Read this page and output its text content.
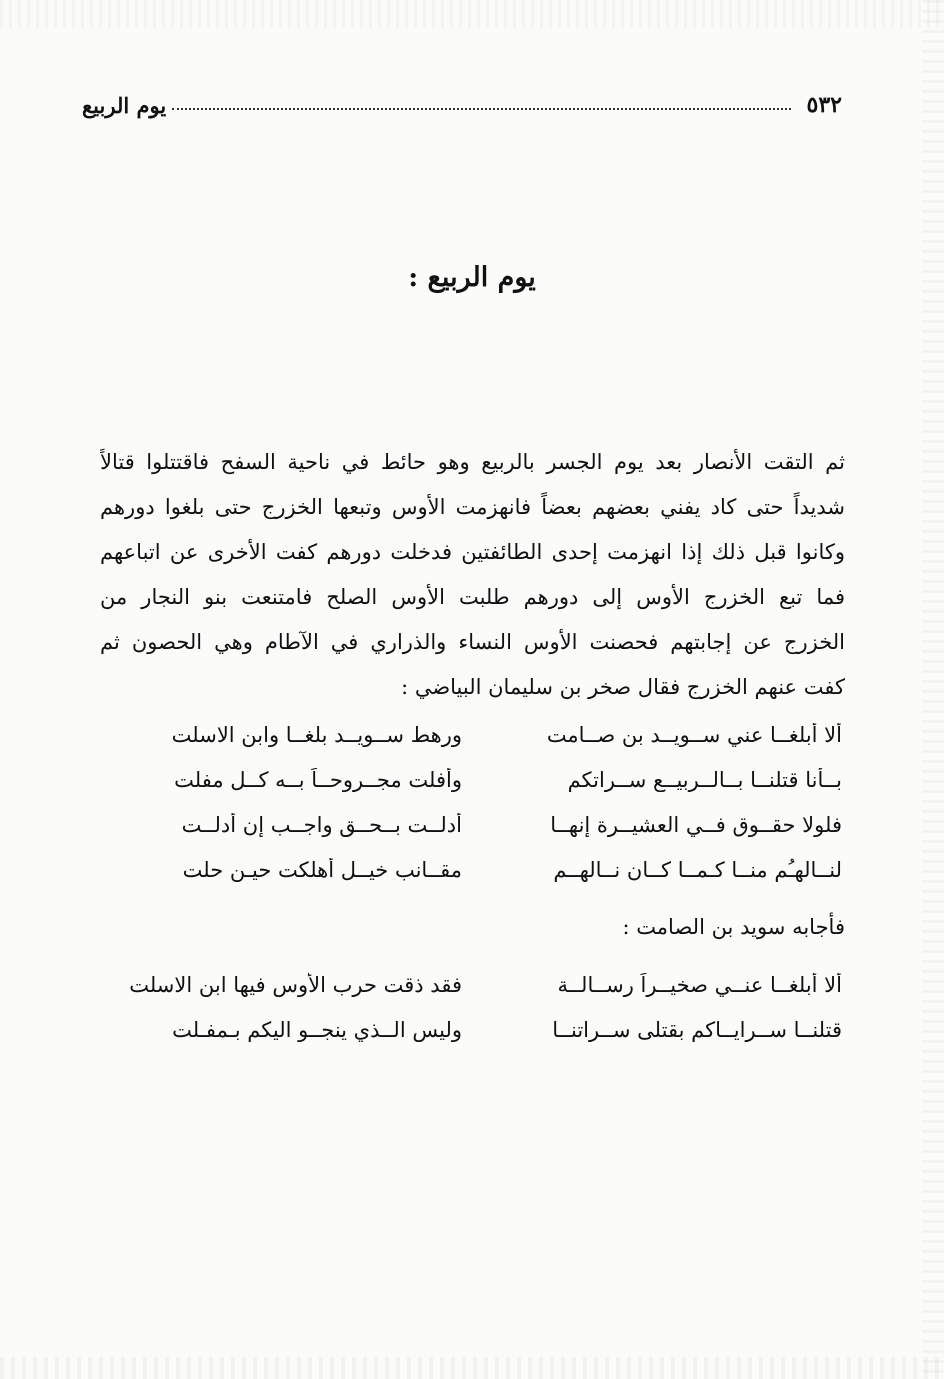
٥٣٢
يوم الربيع
يوم الربيع :
ثم التقت الأنصار بعد يوم الجسر بالربيع وهو حائط في ناحية السفح فاقتتلوا قتالاً
شديداً حتى كاد يفني بعضهم بعضاً فانهزمت الأوس وتبعها الخزرج حتى بلغوا دورهم
وكانوا قبل ذلك إذا انهزمت إحدى الطائفتين فدخلت دورهم كفت الأخرى عن اتباعهم
فما تبع الخزرج الأوس إلى دورهم طلبت الأوس الصلح فامتنعت بنو النجار من
الخزرج عن إجابتهم فحصنت الأوس النساء والذراري في الآطام وهي الحصون ثم
كفت عنهم الخزرج فقال صخر بن سليمان البياضي :
ألا أبلغــا عني ســويــد بن صــامت
ورهط ســويــد بلغــا وابن الاسلت
بــأنا قتلنــا بــالــربيــع ســراتكم
وأفلت مجــروحــاً بــه كــل مفلت
فلولا حقــوق فــي العشيــرة إنهــا
أدلــت بــحــق واجــب إن أدلــت
لنــالهـُم منــا كـمــا كــان نــالهــم
مقــانب خيــل أهلكت حيـن حلت
فأجابه سويد بن الصامت :
ألا أبلغــا عنــي صخيــراً رســالــة
فقد ذقت حرب الأوس فيها ابن الاسلت
قتلنــا ســرايــاكم بقتلى ســراتنــا
وليس الــذي ينجــو اليكم بـمفـلت
